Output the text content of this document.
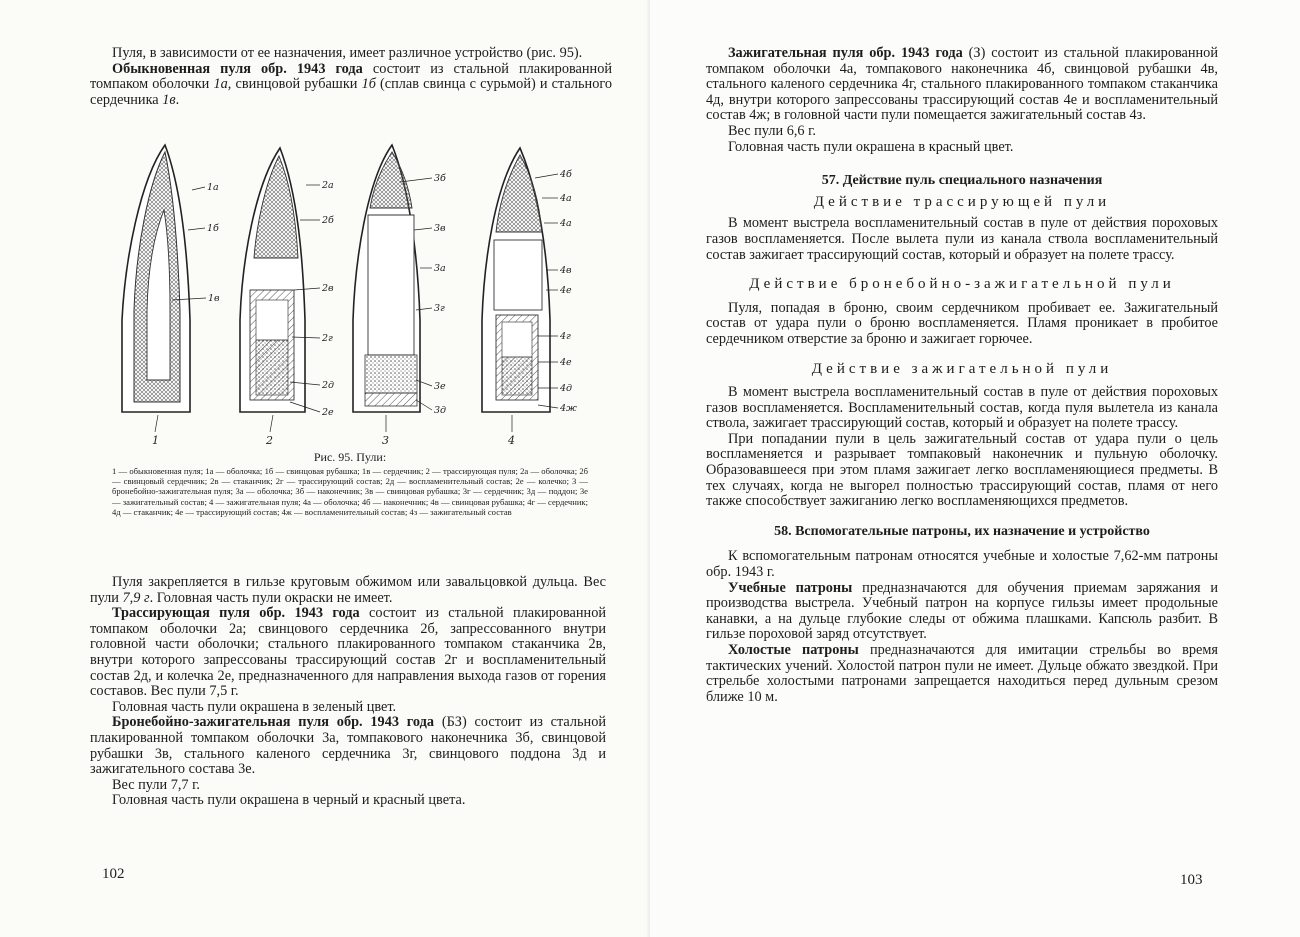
Пуля, в зависимости от ее назначения, имеет различное устройство (рис. 95).

Обыкновенная пуля обр. 1943 года состоит из стальной плакированной томпаком оболочки 1а, свинцовой рубашки 1б (сплав свинца с сурьмой) и стального сердечника 1в.

1а
1б
1в
1
2а
2б
2в
2г
2д
2е
2
3б
3в
3а
3г
3е
3д
3
4б
4а
4а
4в
4е
4г
4е
4д
4ж
4

Рис. 95. Пули:

1 — обыкновенная пуля; 1а — оболочка; 1б — свинцовая рубашка; 1в — сердечник; 2 — трассирующая пуля; 2а — оболочка; 2б — свинцовый сердечник; 2в — стаканчик; 2г — трассирующий состав; 2д — воспламенительный состав; 2е — колечко; 3 — бронебойно-зажигательная пуля; 3а — оболочка; 3б — наконечник; 3в — свинцовая рубашка; 3г — сердечник; 3д — поддон; 3е — зажигательный состав; 4 — зажигательная пуля; 4а — оболочка; 4б — наконечник; 4в — свинцовая рубашка; 4г — сердечник; 4д — стаканчик; 4е — трассирующий состав; 4ж — воспламенительный состав; 4з — зажигательный состав

Пуля закрепляется в гильзе круговым обжимом или завальцовкой дульца. Вес пули 7,9 г. Головная часть пули окраски не имеет.

Трассирующая пуля обр. 1943 года состоит из стальной плакированной томпаком оболочки 2а; свинцового сердечника 2б, запрессованного внутри головной части оболочки; стального плакированного томпаком стаканчика 2в, внутри которого запрессованы трассирующий состав 2г и воспламенительный состав 2д, и колечка 2е, предназначенного для направления выхода газов от горения составов. Вес пули 7,5 г.

Головная часть пули окрашена в зеленый цвет.

Бронебойно-зажигательная пуля обр. 1943 года (БЗ) состоит из стальной плакированной томпаком оболочки 3а, томпакового наконечника 3б, свинцовой рубашки 3в, стального каленого сердечника 3г, свинцового поддона 3д и зажигательного состава 3е.

Вес пули 7,7 г.

Головная часть пули окрашена в черный и красный цвета.

102

Зажигательная пуля обр. 1943 года (З) состоит из стальной плакированной томпаком оболочки 4а, томпакового наконечника 4б, свинцовой рубашки 4в, стального каленого сердечника 4г, стального плакированного томпаком стаканчика 4д, внутри которого запрессованы трассирующий состав 4е и воспламенительный состав 4ж; в головной части пули помещается зажигательный состав 4з.

Вес пули 6,6 г.

Головная часть пули окрашена в красный цвет.

57. Действие пуль специального назначения

Действие трассирующей пули

В момент выстрела воспламенительный состав в пуле от действия пороховых газов воспламеняется. После вылета пули из канала ствола воспламенительный состав зажигает трассирующий состав, который и образует на полете трассу.

Действие бронебойно-зажигательной пули

Пуля, попадая в броню, своим сердечником пробивает ее. Зажигательный состав от удара пули о броню воспламеняется. Пламя проникает в пробитое сердечником отверстие за броню и зажигает горючее.

Действие зажигательной пули

В момент выстрела воспламенительный состав в пуле от действия пороховых газов воспламеняется. Воспламенительный состав, когда пуля вылетела из канала ствола, зажигает трассирующий состав, который и образует на полете трассу.

При попадании пули в цель зажигательный состав от удара пули о цель воспламеняется и разрывает томпаковый наконечник и пульную оболочку. Образовавшееся при этом пламя зажигает легко воспламеняющиеся предметы. В тех случаях, когда не выгорел полностью трассирующий состав, пламя от него также способствует зажиганию легко воспламеняющихся предметов.

58. Вспомогательные патроны, их назначение и устройство

К вспомогательным патронам относятся учебные и холостые 7,62-мм патроны обр. 1943 г.

Учебные патроны предназначаются для обучения приемам заряжания и производства выстрела. Учебный патрон на корпусе гильзы имеет продольные канавки, а на дульце глубокие следы от обжима плашками. Капсюль разбит. В гильзе пороховой заряд отсутствует.

Холостые патроны предназначаются для имитации стрельбы во время тактических учений. Холостой патрон пули не имеет. Дульце обжато звездкой. При стрельбе холостыми патронами запрещается находиться перед дульным срезом ближе 10 м.

103
